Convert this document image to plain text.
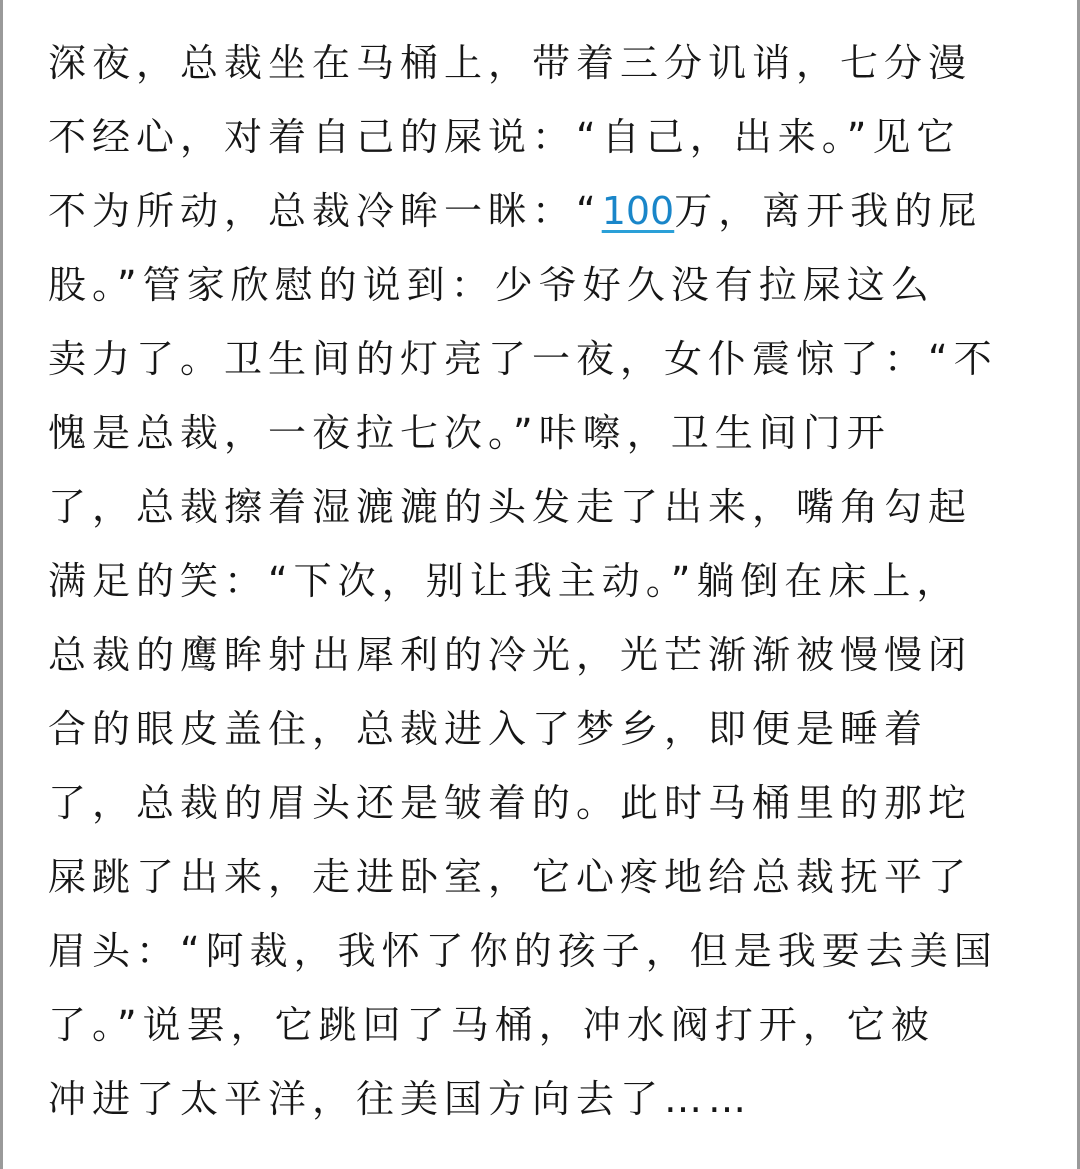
深夜，总裁坐在马桶上，带着三分讥诮，七分漫
不经心，对着自己的屎说：“自己，出来。”见它
不为所动，总裁冷眸一眯：“100万，离开我的屁
股。”管家欣慰的说到：少爷好久没有拉屎这么
卖力了。卫生间的灯亮了一夜，女仆震惊了：“不
愧是总裁，一夜拉七次。”咔嚓，卫生间门开
了，总裁擦着湿漉漉的头发走了出来，嘴角勾起
满足的笑：“下次，别让我主动。”躺倒在床上，
总裁的鹰眸射出犀利的冷光，光芒渐渐被慢慢闭
合的眼皮盖住，总裁进入了梦乡，即便是睡着
了，总裁的眉头还是皱着的。此时马桶里的那坨
屎跳了出来，走进卧室，它心疼地给总裁抚平了
眉头：“阿裁，我怀了你的孩子，但是我要去美国
了。”说罢，它跳回了马桶，冲水阀打开，它被
冲进了太平洋，往美国方向去了……
